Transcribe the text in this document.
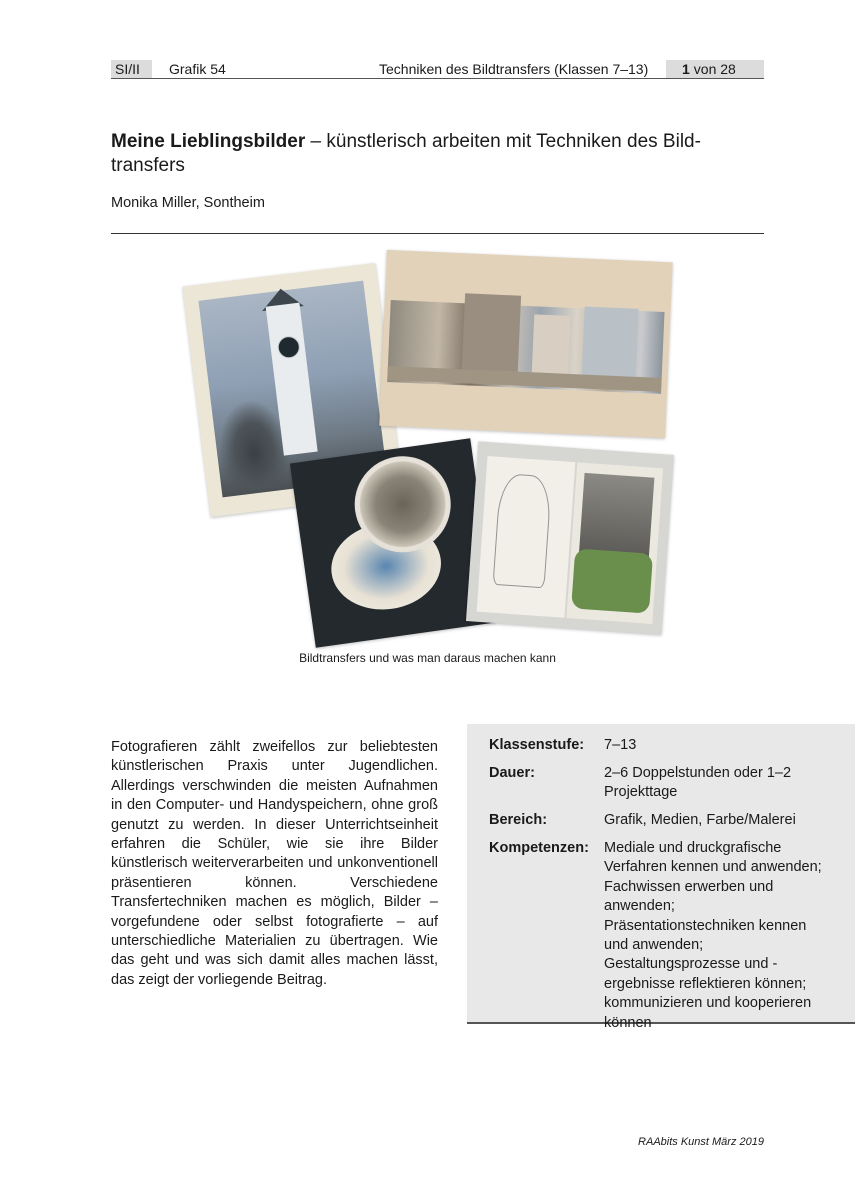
SI/II	Grafik 54	Techniken des Bildtransfers (Klassen 7–13)	1 von 28
Meine Lieblingsbilder – künstlerisch arbeiten mit Techniken des Bild-transfers
Monika Miller, Sontheim
Bildtransfers und was man daraus machen kann
Fotografieren zählt zweifellos zur beliebtesten künstlerischen Praxis unter Jugendlichen. Allerdings verschwinden die meisten Aufnahmen in den Computer- und Handyspeichern, ohne groß genutzt zu werden. In dieser Unterrichtseinheit erfahren die Schüler, wie sie ihre Bilder künstlerisch weiterverarbeiten und unkonventionell präsentieren können. Verschiedene Transfertechniken machen es möglich, Bilder – vorgefundene oder selbst fotografierte – auf unterschiedliche Materialien zu übertragen. Wie das geht und was sich damit alles machen lässt, das zeigt der vorliegende Beitrag.
Klassenstufe:	7–13
Dauer:	2–6 Doppelstunden oder 1–2 Projekttage
Bereich:	Grafik, Medien, Farbe/Malerei
Kompetenzen:	Mediale und druckgrafische Verfahren kennen und anwenden; Fachwissen erwerben und anwenden; Präsentationstechniken kennen und anwenden; Gestaltungsprozesse und -ergebnisse reflektieren können; kommunizieren und kooperieren können
RAAbits Kunst März 2019
